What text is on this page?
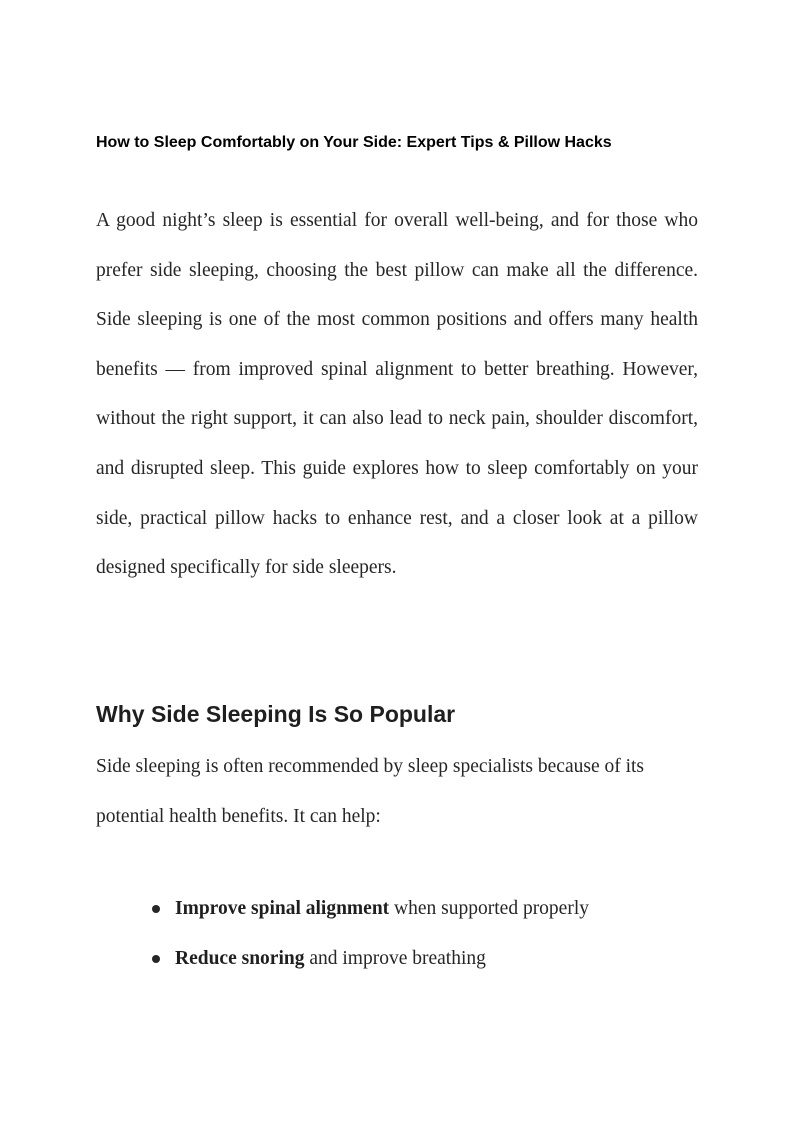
How to Sleep Comfortably on Your Side: Expert Tips & Pillow Hacks

A good night’s sleep is essential for overall well-being, and for those who prefer side sleeping, choosing the best pillow can make all the difference. Side sleeping is one of the most common positions and offers many health benefits — from improved spinal alignment to better breathing. However, without the right support, it can also lead to neck pain, shoulder discomfort, and disrupted sleep. This guide explores how to sleep comfortably on your side, practical pillow hacks to enhance rest, and a closer look at a pillow designed specifically for side sleepers.

Why Side Sleeping Is So Popular

Side sleeping is often recommended by sleep specialists because of its potential health benefits. It can help:

Improve spinal alignment when supported properly
Reduce snoring and improve breathing
